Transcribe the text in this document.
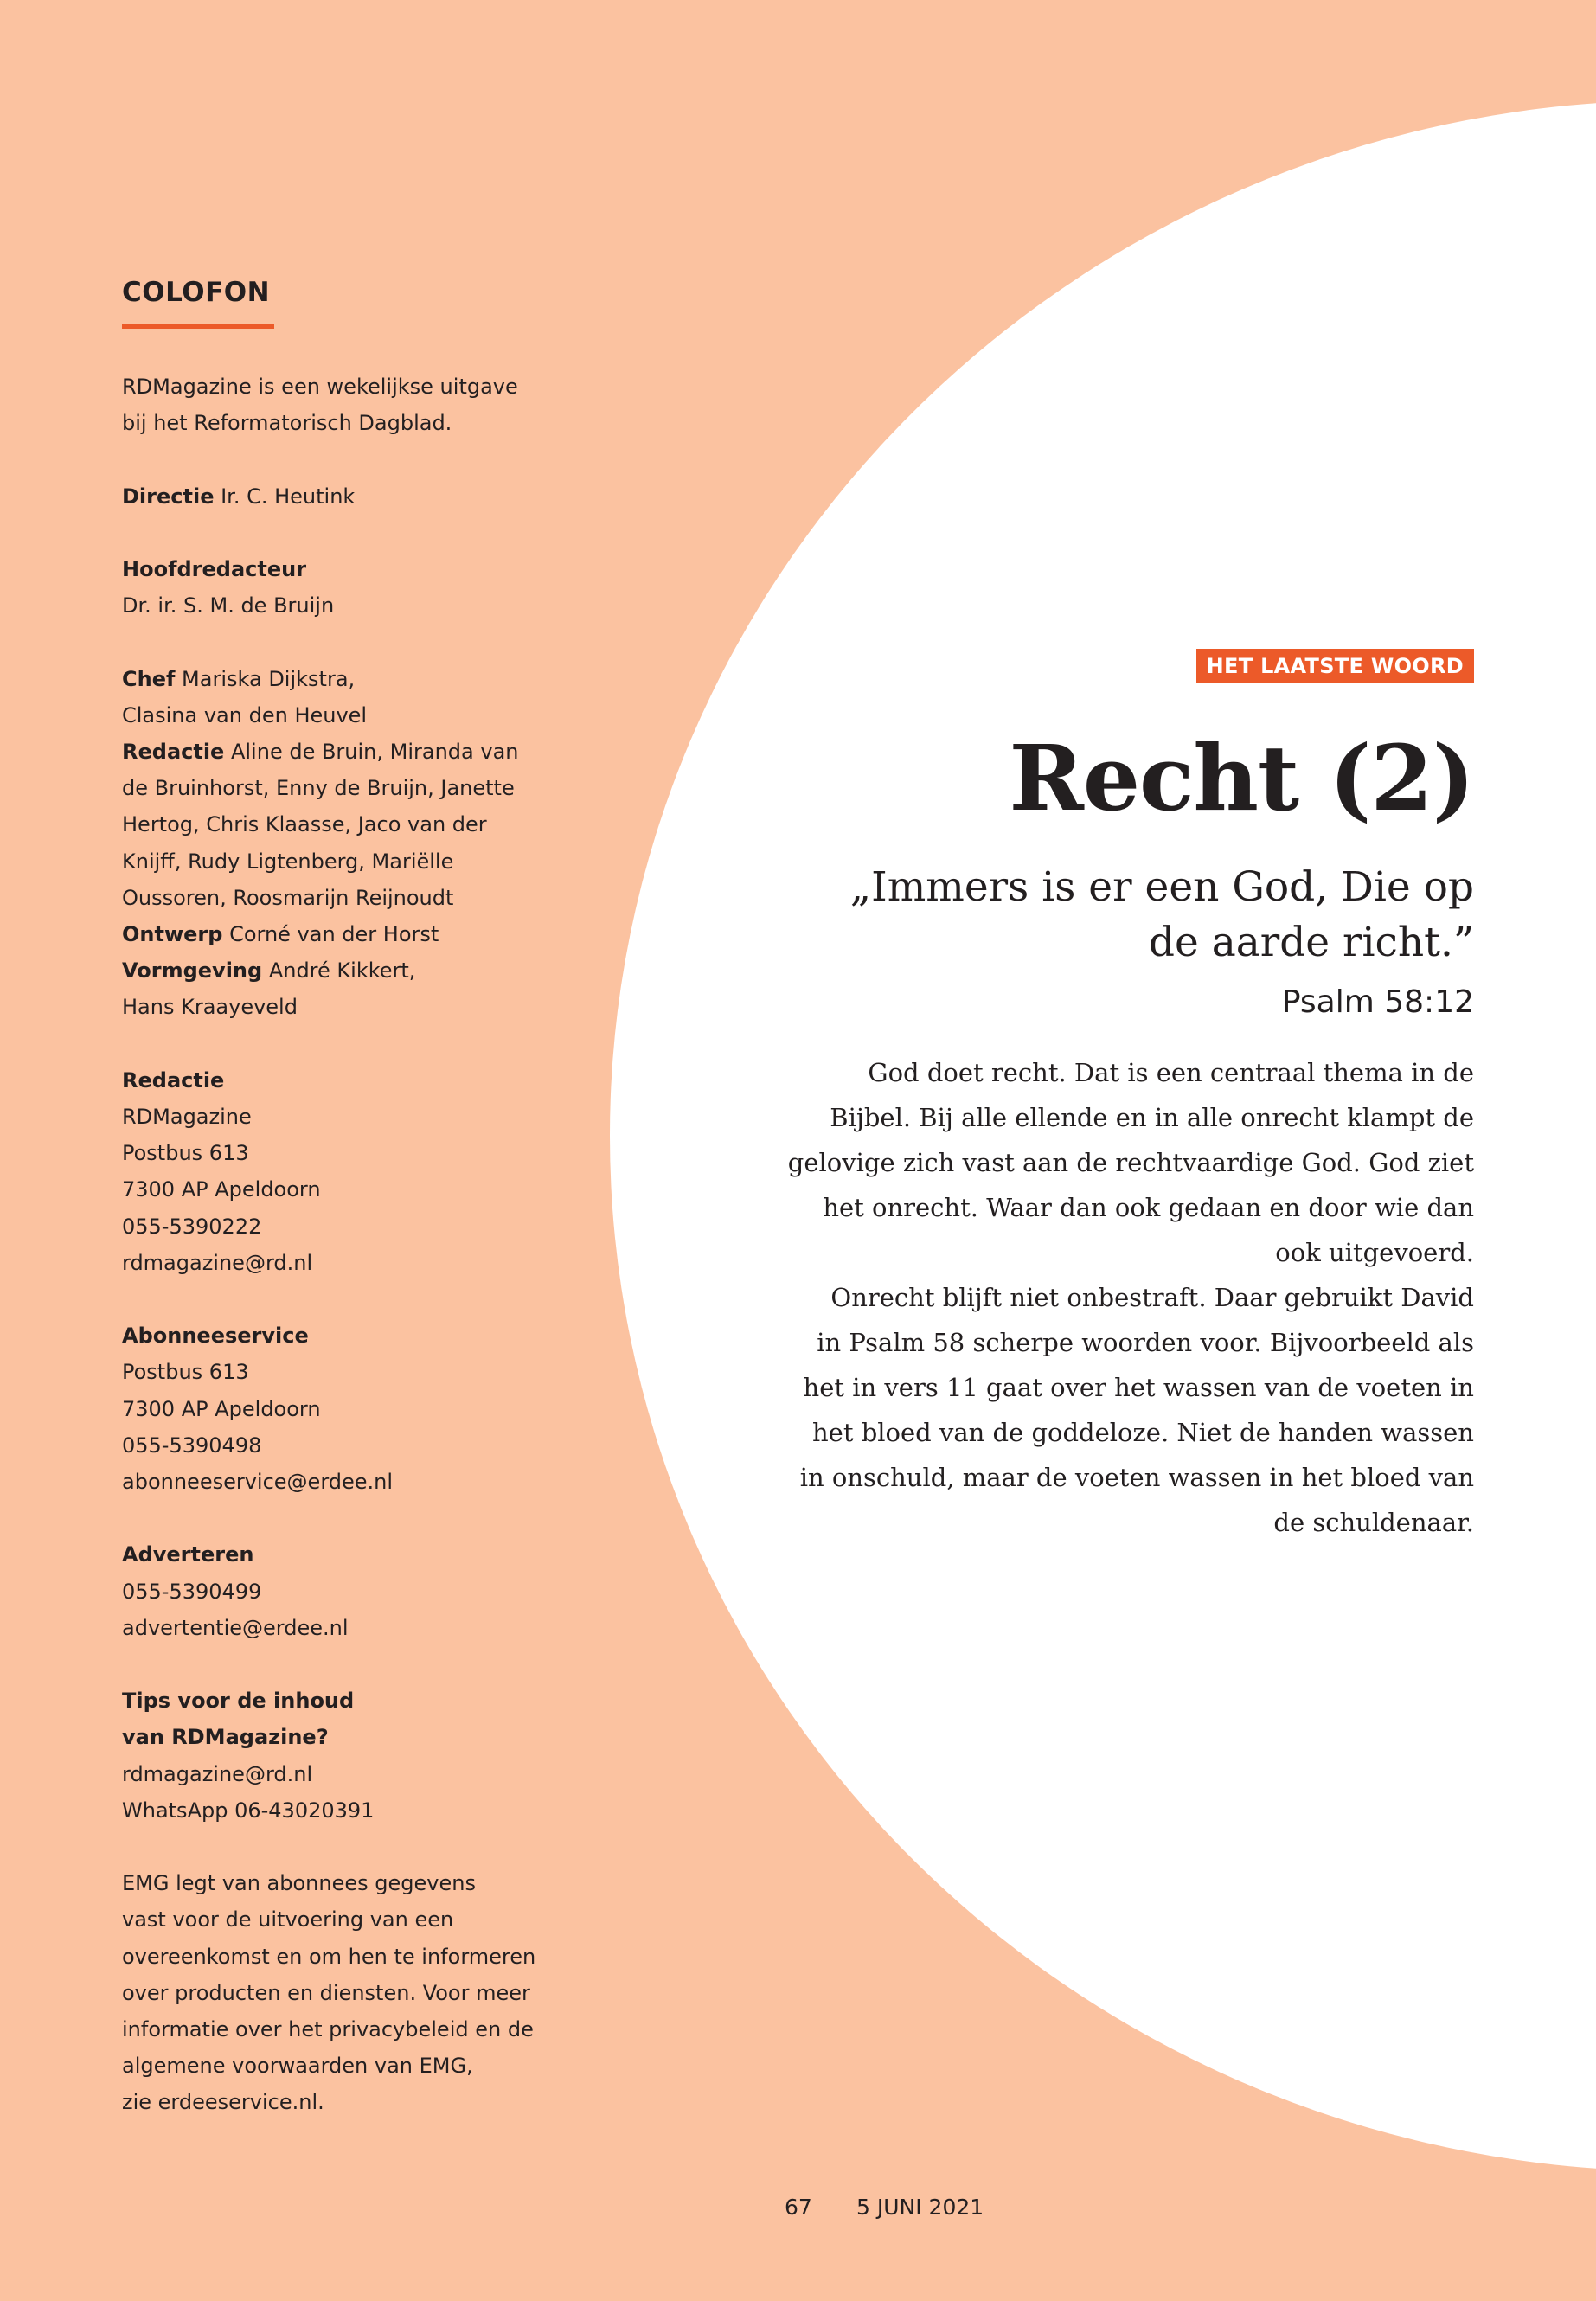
COLOFON

RDMagazine is een wekelijkse uitgave
bij het Reformatorisch Dagblad.

Directie Ir. C. Heutink

Hoofdredacteur
Dr. ir. S. M. de Bruijn

Chef Mariska Dijkstra,
Clasina van den Heuvel
Redactie Aline de Bruin, Miranda van
de Bruinhorst, Enny de Bruijn, Janette
Hertog, Chris Klaasse, Jaco van der
Knijff, Rudy Ligtenberg, Mariëlle
Oussoren, Roosmarijn Reijnoudt
Ontwerp Corné van der Horst
Vormgeving André Kikkert,
Hans Kraayeveld

Redactie
RDMagazine
Postbus 613
7300 AP Apeldoorn
055-5390222
rdmagazine@rd.nl

Abonneeservice
Postbus 613
7300 AP Apeldoorn
055-5390498
abonneeservice@erdee.nl

Adverteren
055-5390499
advertentie@erdee.nl

Tips voor de inhoud
van RDMagazine?
rdmagazine@rd.nl
WhatsApp 06-43020391

EMG legt van abonnees gegevens
vast voor de uitvoering van een
overeenkomst en om hen te informeren
over producten en diensten. Voor meer
informatie over het privacybeleid en de
algemene voorwaarden van EMG,
zie erdeeservice.nl.

HET LAATSTE WOORD
Recht (2)
„Immers is er een God, Die op
de aarde richt.”
Psalm 58:12
God doet recht. Dat is een centraal thema in de
Bijbel. Bij alle ellende en in alle onrecht klampt de
gelovige zich vast aan de rechtvaardige God. God ziet
het onrecht. Waar dan ook gedaan en door wie dan
ook uitgevoerd.
Onrecht blijft niet onbestraft. Daar gebruikt David
in Psalm 58 scherpe woorden voor. Bijvoorbeeld als
het in vers 11 gaat over het wassen van de voeten in
het bloed van de goddeloze. Niet de handen wassen
in onschuld, maar de voeten wassen in het bloed van
de schuldenaar.
67 5 JUNI 2021
